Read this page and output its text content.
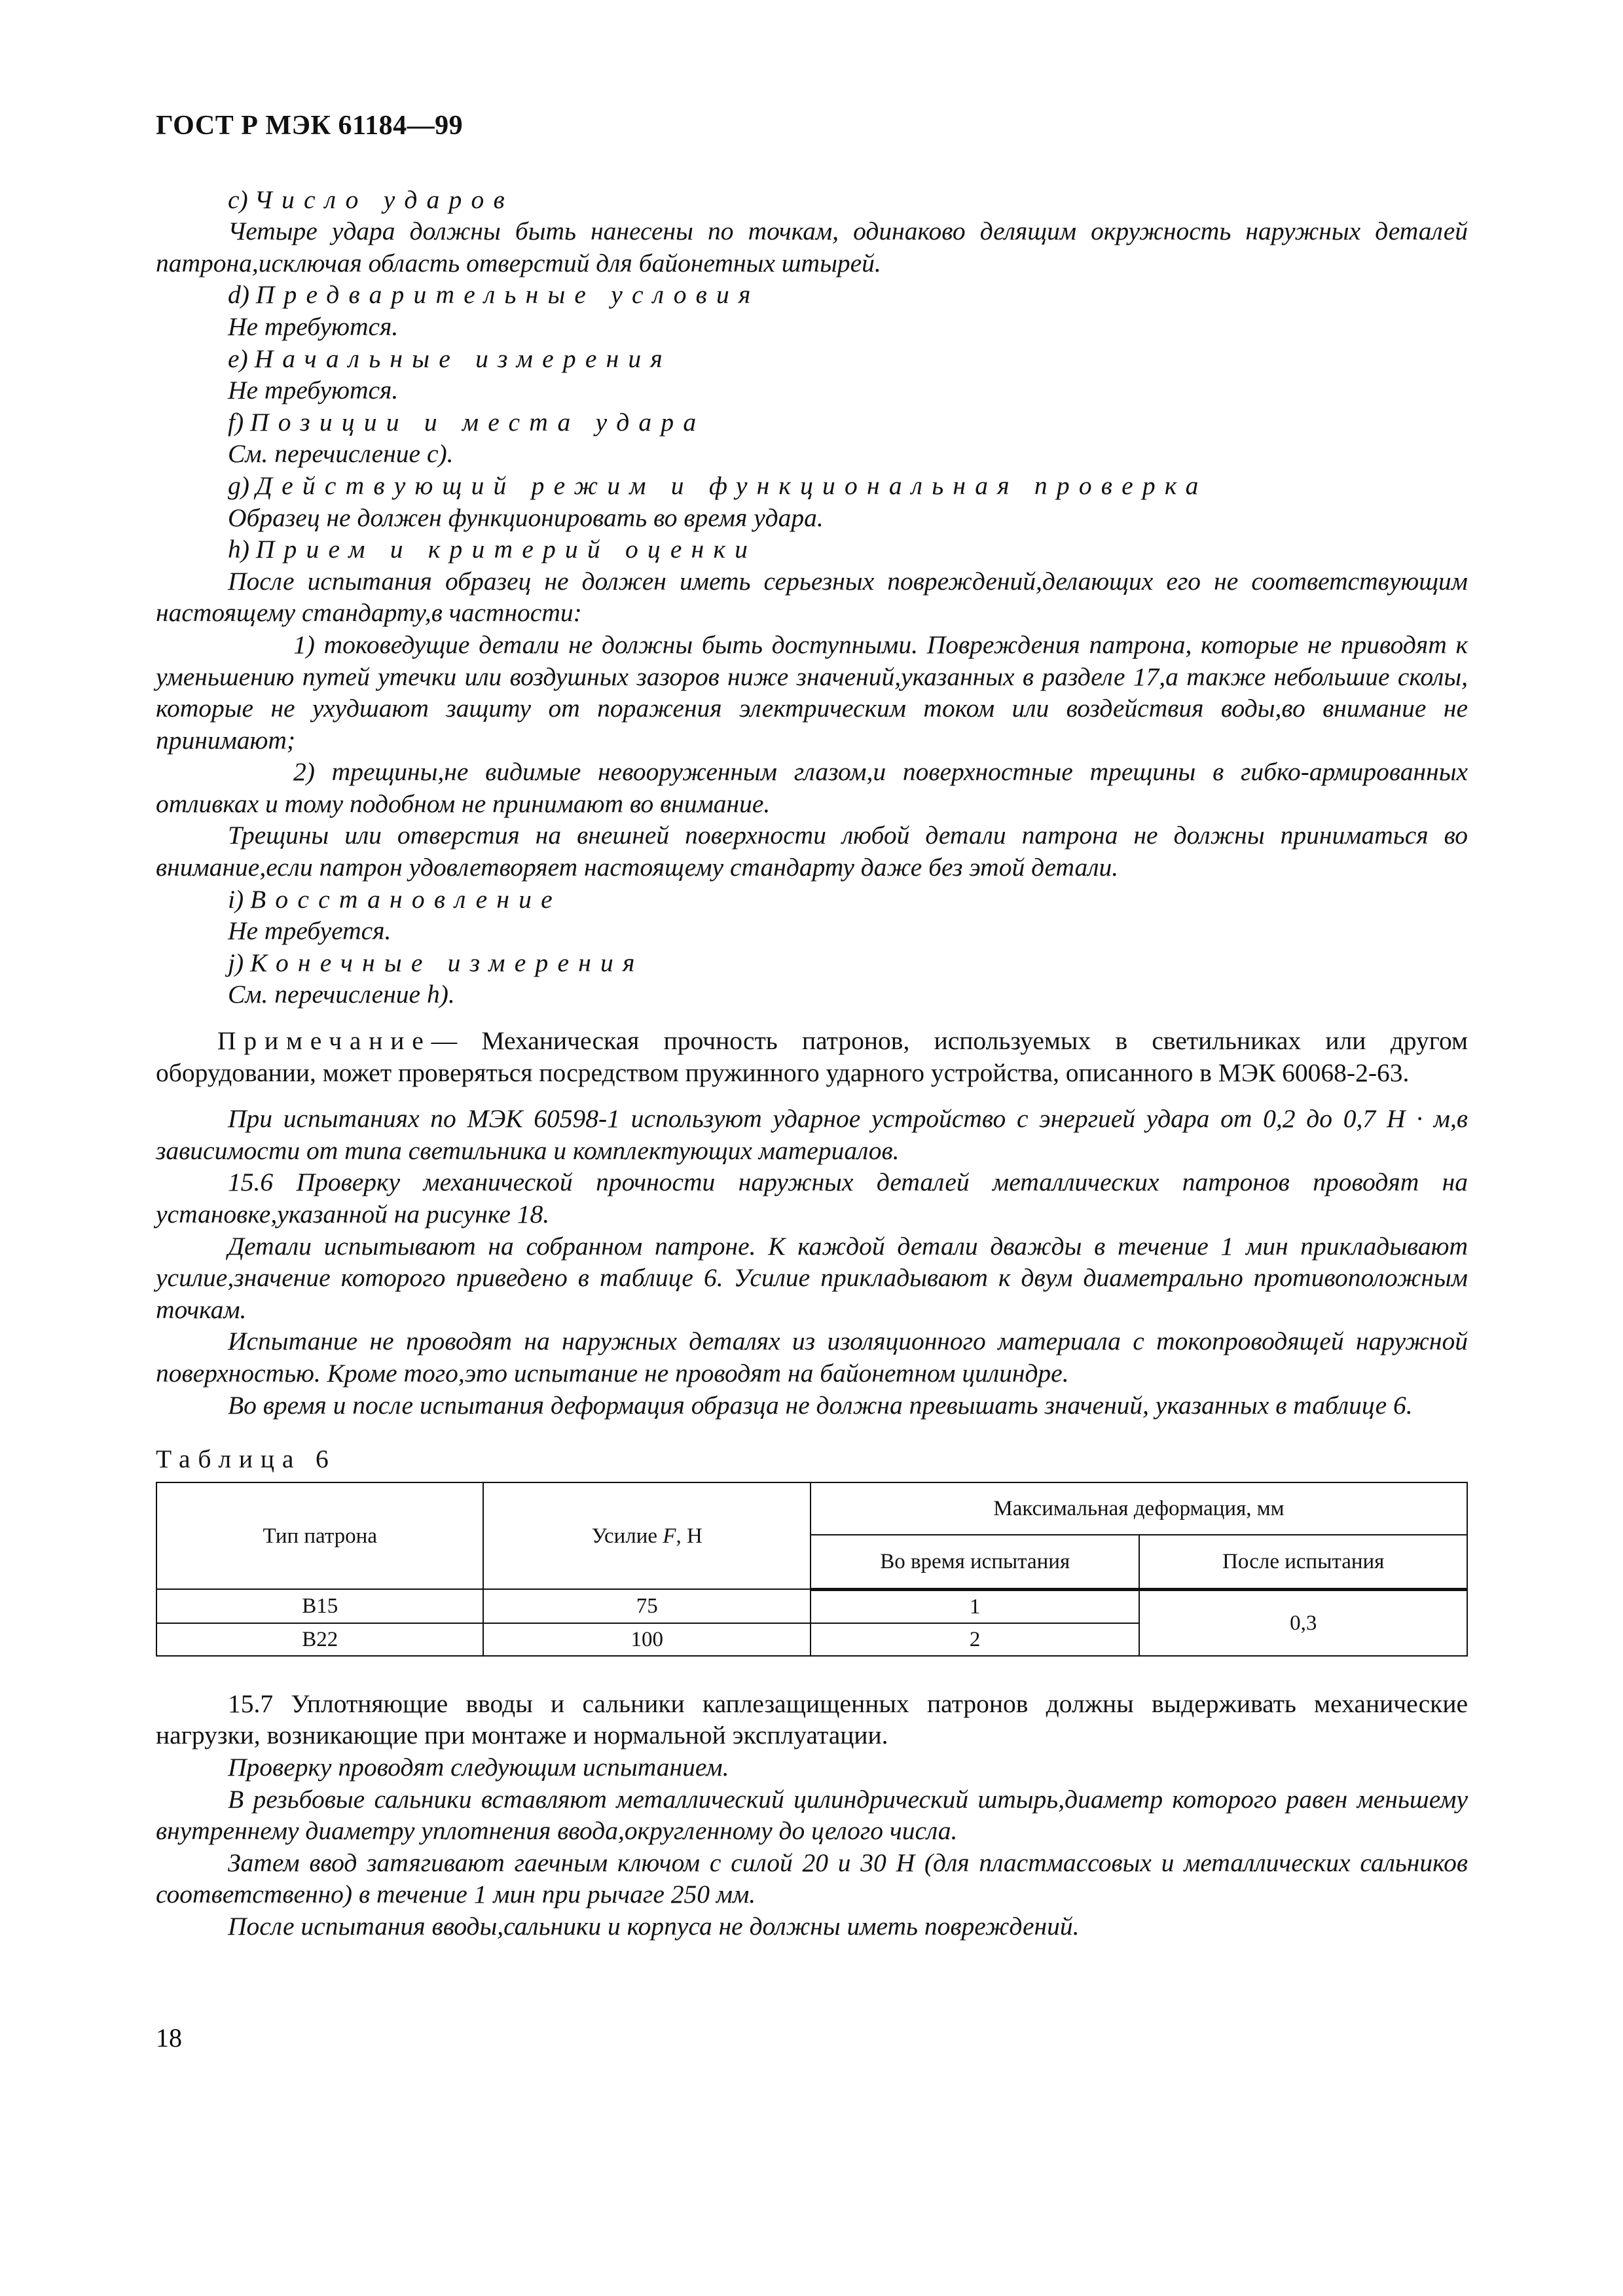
ГОСТ Р МЭК 61184—99

c) Число ударов

Четыре удара должны быть нанесены по точкам, одинаково делящим окружность наружных деталей патрона,исключая область отверстий для байонетных штырей.

d) Предварительные условия

Не требуются.

e) Начальные измерения

Не требуются.

f) Позиции и места удара

См. перечисление с).

g) Действующий режим и функциональная проверка

Образец не должен функционировать во время удара.

h) Прием и критерий оценки

После испытания образец не должен иметь серьезных повреждений,делающих его не соответствующим настоящему стандарту,в частности:

1) токоведущие детали не должны быть доступными. Повреждения патрона, которые не приводят к уменьшению путей утечки или воздушных зазоров ниже значений,указанных в разделе 17,а также небольшие сколы, которые не ухудшают защиту от поражения электрическим током или воздействия воды,во внимание не принимают;

2) трещины,не видимые невооруженным глазом,и поверхностные трещины в гибко-армированных отливках и тому подобном не принимают во внимание.

Трещины или отверстия на внешней поверхности любой детали патрона не должны приниматься во внимание,если патрон удовлетворяет настоящему стандарту даже без этой детали.

i) Восстановление

Не требуется.

j) Конечные измерения

См. перечисление h).

Примечание— Механическая прочность патронов, используемых в светильниках или другом оборудовании, может проверяться посредством пружинного ударного устройства, описанного в МЭК 60068-2-63.

При испытаниях по МЭК 60598-1 используют ударное устройство с энергией удара от 0,2 до 0,7 Н · м,в зависимости от типа светильника и комплектующих материалов.

15.6 Проверку механической прочности наружных деталей металлических патронов проводят на установке,указанной на рисунке 18.

Детали испытывают на собранном патроне. К каждой детали дважды в течение 1 мин прикладывают усилие,значение которого приведено в таблице 6. Усилие прикладывают к двум диаметрально противоположным точкам.

Испытание не проводят на наружных деталях из изоляционного материала с токопроводящей наружной поверхностью. Кроме того,это испытание не проводят на байонетном цилиндре.

Во время и после испытания деформация образца не должна превышать значений, указанных в таблице 6.

Таблица 6
Тип патрона	Усилие F, Н	Максимальная деформация, мм	
		Во время испытания	После испытания
B15	75	1	0,3
B22	100	2	

15.7 Уплотняющие вводы и сальники каплезащищенных патронов должны выдерживать механические нагрузки, возникающие при монтаже и нормальной эксплуатации.

Проверку проводят следующим испытанием.

В резьбовые сальники вставляют металлический цилиндрический штырь,диаметр которого равен меньшему внутреннему диаметру уплотнения ввода,округленному до целого числа.

Затем ввод затягивают гаечным ключом с силой 20 и 30 Н (для пластмассовых и металлических сальников соответственно) в течение 1 мин при рычаге 250 мм.

После испытания вводы,сальники и корпуса не должны иметь повреждений.

18
